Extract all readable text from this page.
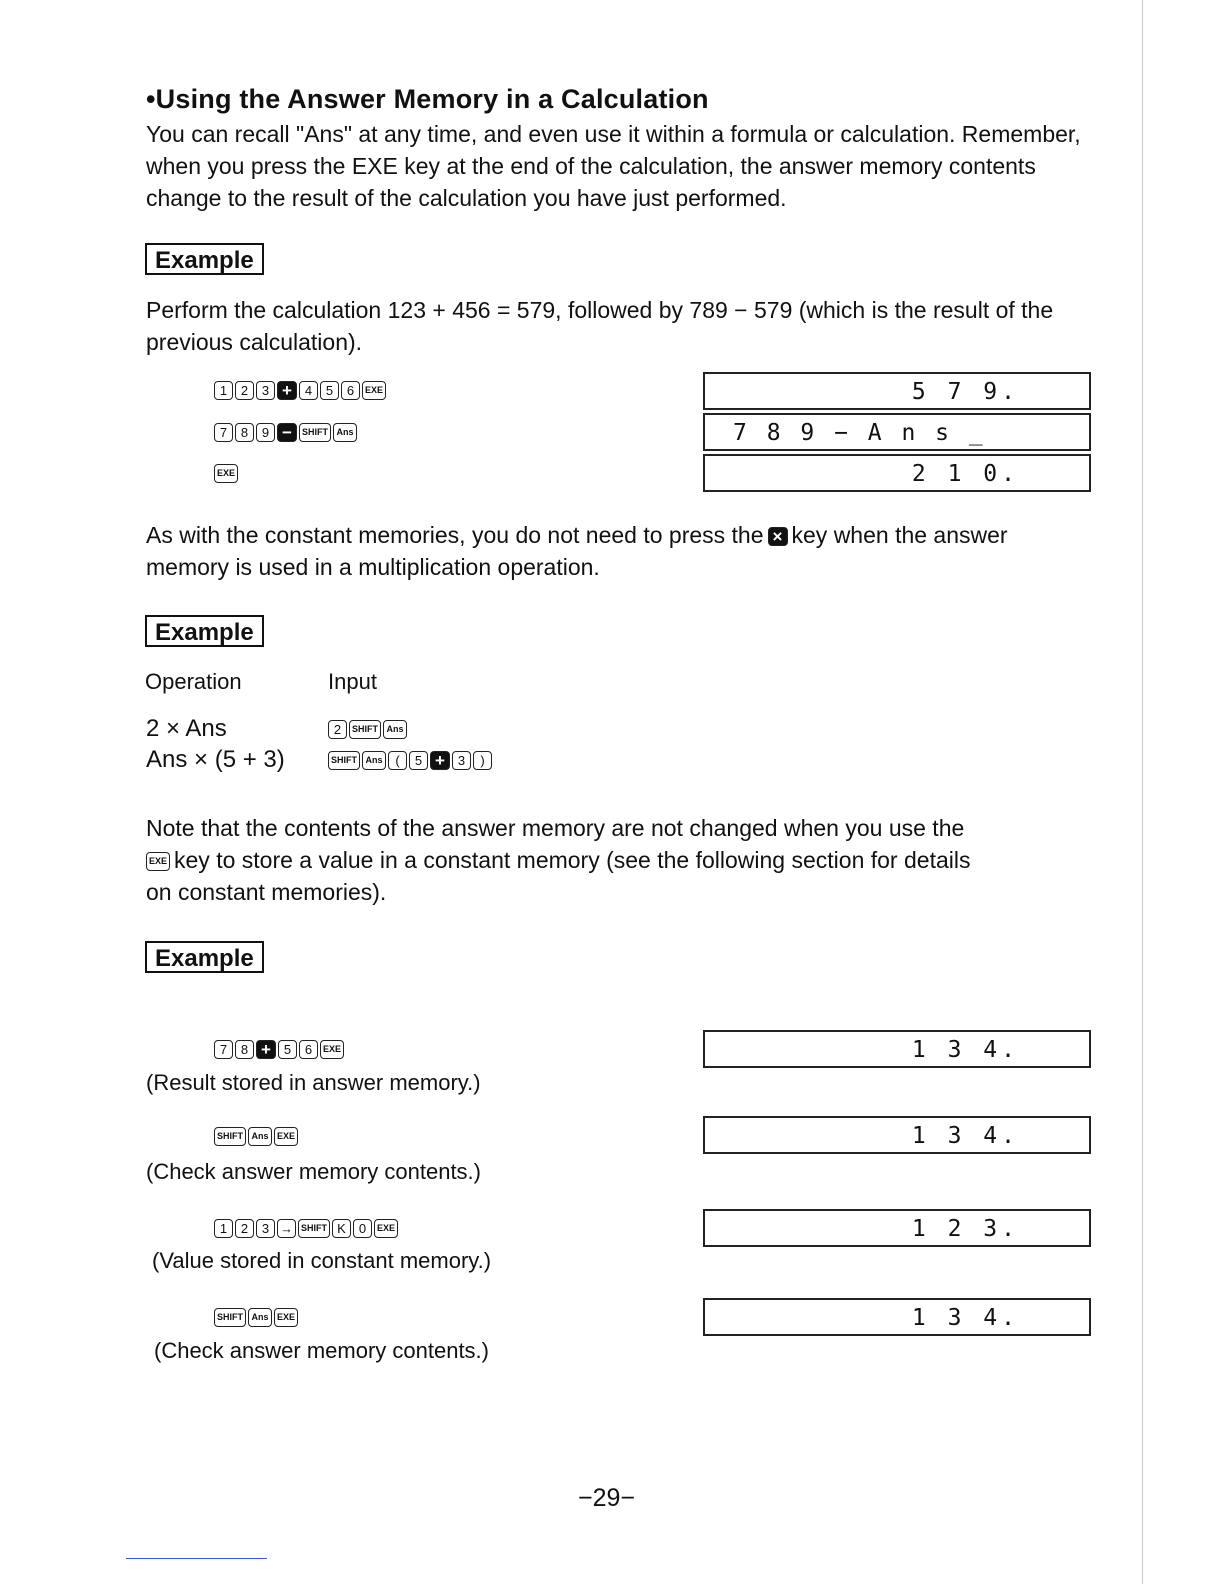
•Using the Answer Memory in a Calculation
You can recall "Ans" at any time, and even use it within a formula or calculation. Remember, when you press the EXE key at the end of the calculation, the answer memory contents change to the result of the calculation you have just performed.
Example
Perform the calculation 123 + 456 = 579, followed by 789 − 579 (which is the result of the previous calculation).
1	2	3 + 4	5	6	EXE
7	8	9 −	SHIFT Ans
EXE
5 7 9.
7 8 9 − A n s _
2 1 0.
As with the constant memories, you do not need to press the × key when the answer memory is used in a multiplication operation.
Example
Operation	Input
2 × Ans	2	SHIFT Ans
Ans × (5 + 3)	SHIFT Ans (	5 + 3	)
Note that the contents of the answer memory are not changed when you use the
EXE key to store a value in a constant memory (see the following section for details
on constant memories).
Example
7	8 + 5	6	EXE
(Result stored in answer memory.)
1 3 4.
SHIFT Ans EXE
(Check answer memory contents.)
1 3 4.
1	2	3 → SHIFT K	0	EXE
(Value stored in constant memory.)
1 2 3.
SHIFT Ans EXE
(Check answer memory contents.)
1 3 4.
−29−
